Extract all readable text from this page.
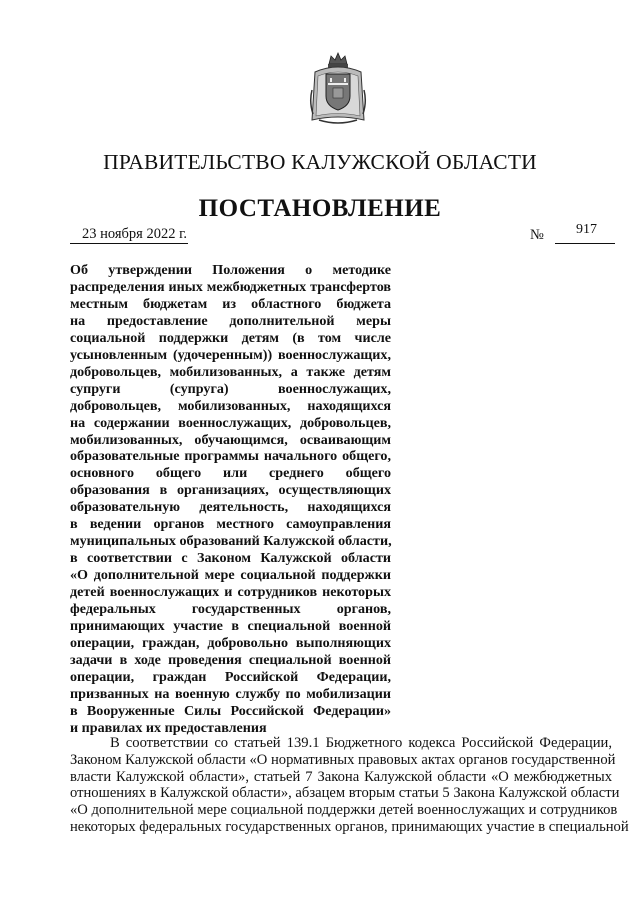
ПРАВИТЕЛЬСТВО КАЛУЖСКОЙ ОБЛАСТИ
ПОСТАНОВЛЕНИЕ
23 ноября 2022 г.	№ 917
Об утверждении Положения о методике
распределения иных межбюджетных трансфертов
местным бюджетам из областного бюджета
на предоставление дополнительной меры
социальной поддержки детям (в том числе
усыновленным (удочеренным)) военнослужащих,
добровольцев, мобилизованных, а также детям
супруги (супруга) военнослужащих,
добровольцев, мобилизованных, находящихся
на содержании военнослужащих, добровольцев,
мобилизованных, обучающимся, осваивающим
образовательные программы начального общего,
основного общего или среднего общего
образования в организациях, осуществляющих
образовательную деятельность, находящихся
в ведении органов местного самоуправления
муниципальных образований Калужской области,
в соответствии с Законом Калужской области
«О дополнительной мере социальной поддержки
детей военнослужащих и сотрудников некоторых
федеральных государственных органов,
принимающих участие в специальной военной
операции, граждан, добровольно выполняющих
задачи в ходе проведения специальной военной
операции, граждан Российской Федерации,
призванных на военную службу по мобилизации
в Вооруженные Силы Российской Федерации»
и правилах их предоставления
В соответствии со статьей 139.1 Бюджетного кодекса Российской Федерации,
Законом Калужской области «О нормативных правовых актах органов государственной
власти Калужской области», статьей 7 Закона Калужской области «О межбюджетных
отношениях в Калужской области», абзацем вторым статьи 5 Закона Калужской области
«О дополнительной мере социальной поддержки детей военнослужащих и сотрудников
некоторых федеральных государственных органов, принимающих участие в специальной
